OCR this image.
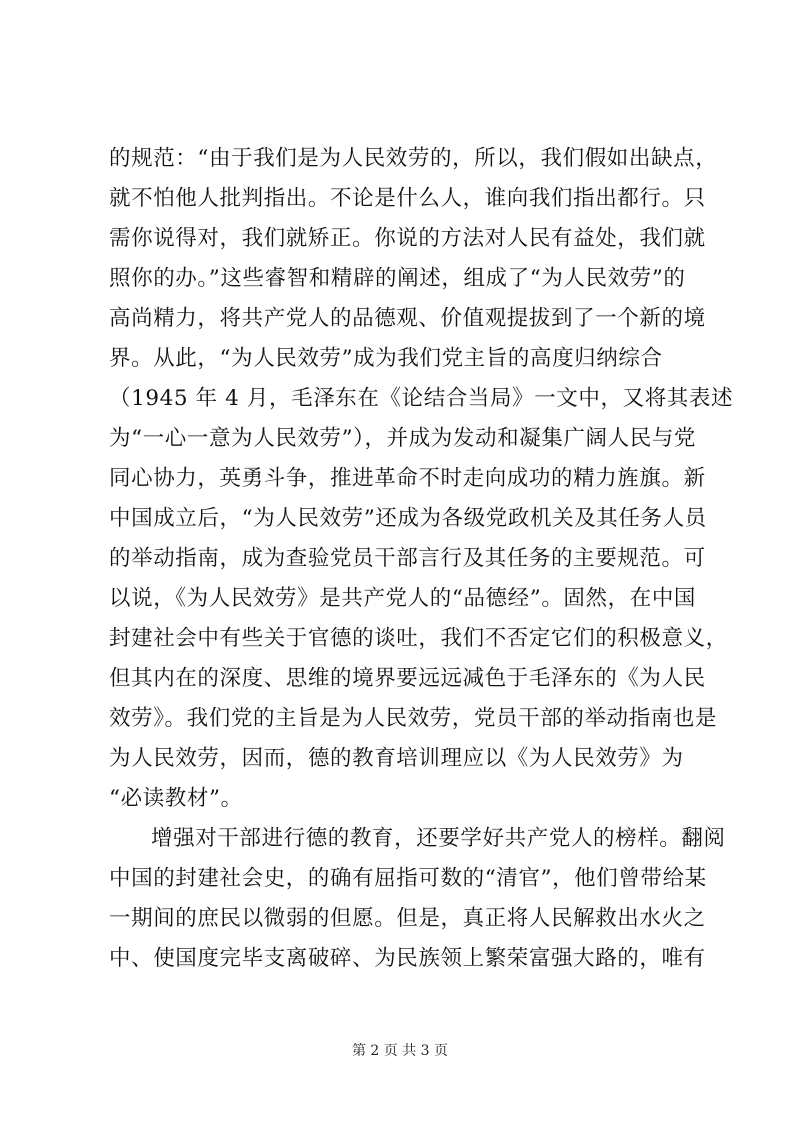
的规范：“由于我们是为人民效劳的，所以，我们假如出缺点，
就不怕他人批判指出。不论是什么人，谁向我们指出都行。只
需你说得对，我们就矫正。你说的方法对人民有益处，我们就
照你的办。”这些睿智和精辟的阐述，组成了“为人民效劳”的
高尚精力，将共产党人的品德观、价值观提拔到了一个新的境
界。从此，“为人民效劳”成为我们党主旨的高度归纳综合
（1945 年 4 月，毛泽东在《论结合当局》一文中，又将其表述
为“一心一意为人民效劳”），并成为发动和凝集广阔人民与党
同心协力，英勇斗争，推进革命不时走向成功的精力旌旗。新
中国成立后，“为人民效劳”还成为各级党政机关及其任务人员
的举动指南，成为查验党员干部言行及其任务的主要规范。可
以说，《为人民效劳》是共产党人的“品德经”。固然，在中国
封建社会中有些关于官德的谈吐，我们不否定它们的积极意义，
但其内在的深度、思维的境界要远远减色于毛泽东的《为人民
效劳》。我们党的主旨是为人民效劳，党员干部的举动指南也是
为人民效劳，因而，德的教育培训理应以《为人民效劳》为
“必读教材”。
增强对干部进行德的教育，还要学好共产党人的榜样。翻阅
中国的封建社会史，的确有屈指可数的“清官”，他们曾带给某
一期间的庶民以微弱的但愿。但是，真正将人民解救出水火之
中、使国度完毕支离破碎、为民族领上繁荣富强大路的，唯有
第 2 页 共 3 页
